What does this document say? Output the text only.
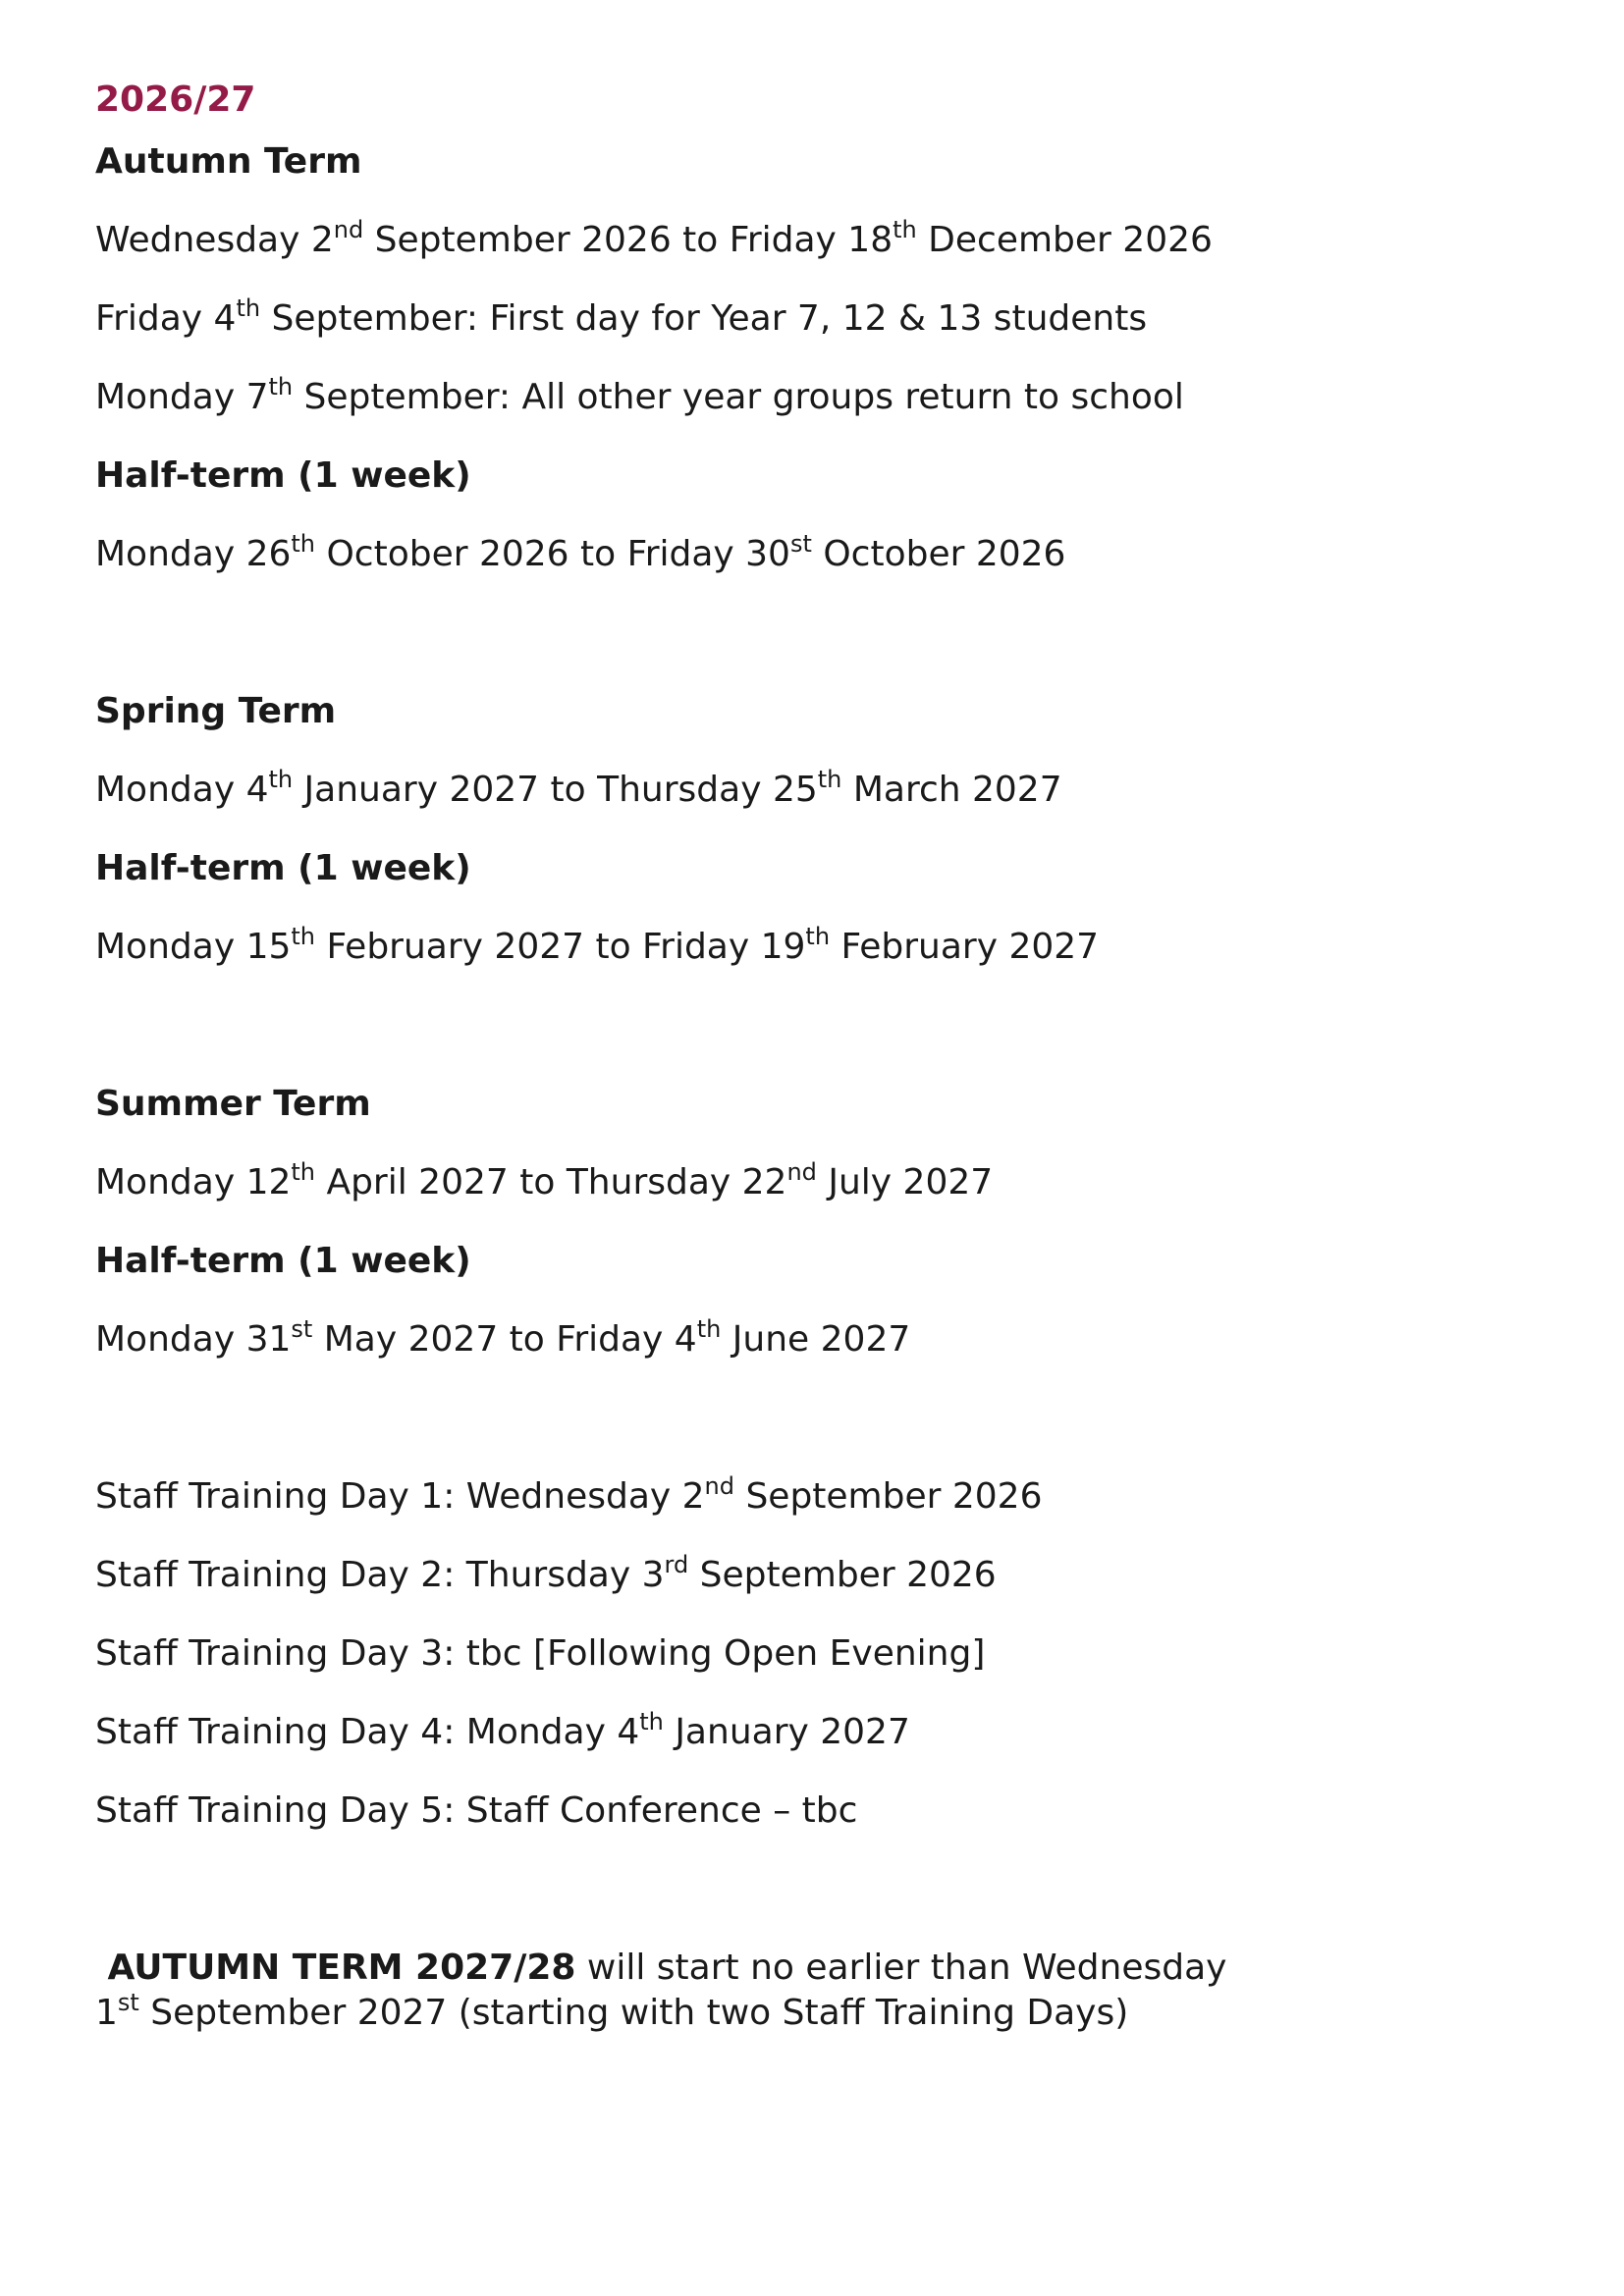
2026/27
Autumn Term
Wednesday 2nd September 2026 to Friday 18th December 2026
Friday 4th September: First day for Year 7, 12 & 13 students
Monday 7th September: All other year groups return to school
Half-term (1 week)
Monday 26th October 2026 to Friday 30st October 2026
Spring Term
Monday 4th January 2027 to Thursday 25th March 2027
Half-term (1 week)
Monday 15th February 2027 to Friday 19th February 2027
Summer Term
Monday 12th April 2027 to Thursday 22nd July 2027
Half-term (1 week)
Monday 31st May 2027 to Friday 4th June 2027
Staff Training Day 1: Wednesday 2nd September 2026
Staff Training Day 2: Thursday 3rd September 2026
Staff Training Day 3: tbc [Following Open Evening]
Staff Training Day 4: Monday 4th January 2027
Staff Training Day 5: Staff Conference – tbc
AUTUMN TERM 2027/28 will start no earlier than Wednesday
1st September 2027 (starting with two Staff Training Days)
